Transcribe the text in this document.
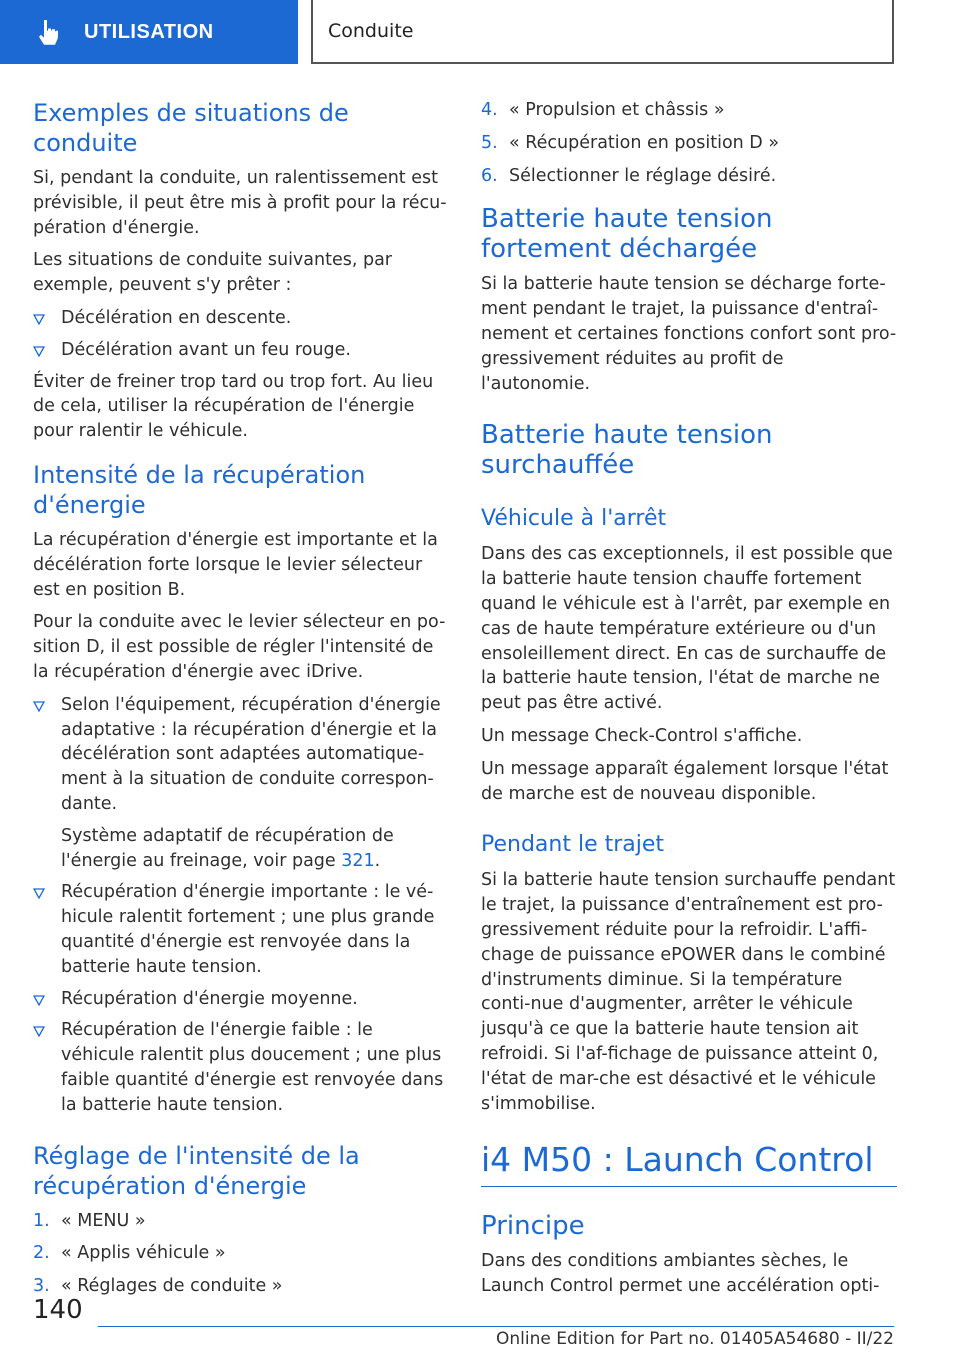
UTILISATION	Conduite
Exemples de situations de conduite

Si, pendant la conduite, un ralentissement est prévisible, il peut être mis à profit pour la récu-pération d'énergie.

Les situations de conduite suivantes, par exemple, peuvent s'y prêter :

Décélération en descente.
Décélération avant un feu rouge.

Éviter de freiner trop tard ou trop fort. Au lieu de cela, utiliser la récupération de l'énergie pour ralentir le véhicule.

Intensité de la récupération d'énergie

La récupération d'énergie est importante et la décélération forte lorsque le levier sélecteur est en position B.

Pour la conduite avec le levier sélecteur en po-sition D, il est possible de régler l'intensité de la récupération d'énergie avec iDrive.

Selon l'équipement, récupération d'énergie adaptative : la récupération d'énergie et la décélération sont adaptées automatique-ment à la situation de conduite correspon-dante.
Système adaptatif de récupération de l'énergie au freinage, voir page 321.
Récupération d'énergie importante : le vé-hicule ralentit fortement ; une plus grande quantité d'énergie est renvoyée dans la batterie haute tension.
Récupération d'énergie moyenne.
Récupération de l'énergie faible : le véhicule ralentit plus doucement ; une plus faible quantité d'énergie est renvoyée dans la batterie haute tension.
Réglage de l'intensité de la récupération d'énergie
1. « MENU »
2. « Applis véhicule »
3. « Réglages de conduite »
4. « Propulsion et châssis »
5. « Récupération en position D »
6. Sélectionner le réglage désiré.
Batterie haute tension fortement déchargée

Si la batterie haute tension se décharge forte-ment pendant le trajet, la puissance d'entraî-nement et certaines fonctions confort sont pro-gressivement réduites au profit de l'autonomie.

Batterie haute tension surchauffée
Véhicule à l'arrêt

Dans des cas exceptionnels, il est possible que la batterie haute tension chauffe fortement quand le véhicule est à l'arrêt, par exemple en cas de haute température extérieure ou d'un ensoleillement direct. En cas de surchauffe de la batterie haute tension, l'état de marche ne peut pas être activé.

Un message Check-Control s'affiche.

Un message apparaît également lorsque l'état de marche est de nouveau disponible.

Pendant le trajet

Si la batterie haute tension surchauffe pendant le trajet, la puissance d'entraînement est pro-gressivement réduite pour la refroidir. L'affi-chage de puissance ePOWER dans le combiné d'instruments diminue. Si la température conti-nue d'augmenter, arrêter le véhicule jusqu'à ce que la batterie haute tension ait refroidi. Si l'af-fichage de puissance atteint 0, l'état de mar-che est désactivé et le véhicule s'immobilise.

i4 M50 : Launch Control
Principe

Dans des conditions ambiantes sèches, le Launch Control permet une accélération opti-

140
Online Edition for Part no. 01405A54680 - II/22
